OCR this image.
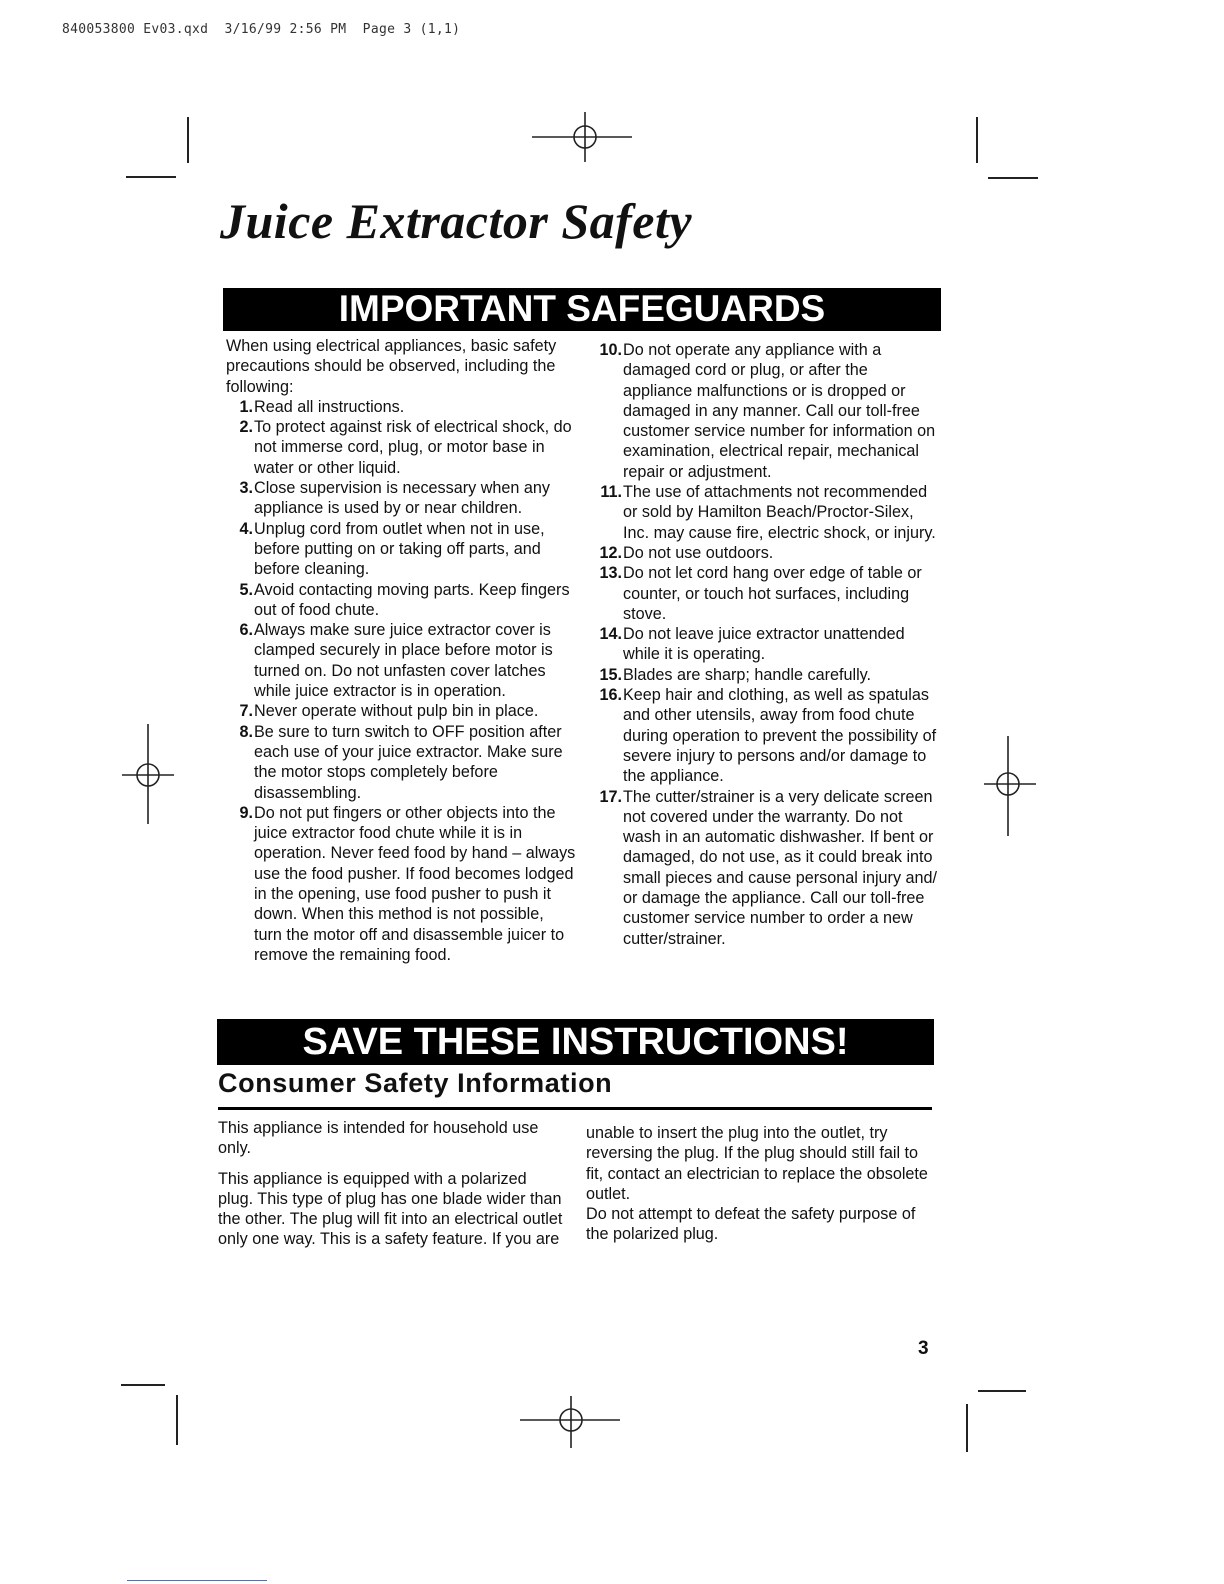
840053800 Ev03.qxd  3/16/99 2:56 PM  Page 3 (1,1)
Juice Extractor Safety
IMPORTANT SAFEGUARDS

When using electrical appliances, basic safety precautions should be observed, including the following:

1. Read all instructions.
2. To protect against risk of electrical shock, do not immerse cord, plug, or motor base in water or other liquid.
3. Close supervision is necessary when any appliance is used by or near children.
4. Unplug cord from outlet when not in use, before putting on or taking off parts, and before cleaning.
5. Avoid contacting moving parts. Keep fingers out of food chute.
6. Always make sure juice extractor cover is clamped securely in place before motor is turned on. Do not unfasten cover latches while juice extractor is in operation.
7. Never operate without pulp bin in place.
8. Be sure to turn switch to OFF position after each use of your juice extractor. Make sure the motor stops completely before disassembling.
9. Do not put fingers or other objects into the juice extractor food chute while it is in operation. Never feed food by hand – always use the food pusher. If food becomes lodged in the opening, use food pusher to push it down. When this method is not possible, turn the motor off and disassemble juicer to remove the remaining food.
10. Do not operate any appliance with a damaged cord or plug, or after the appliance malfunctions or is dropped or damaged in any manner. Call our toll-free customer service number for information on examination, electrical repair, mechanical repair or adjustment.
11. The use of attachments not recommended or sold by Hamilton Beach/Proctor-Silex, Inc. may cause fire, electric shock, or injury.
12. Do not use outdoors.
13. Do not let cord hang over edge of table or counter, or touch hot surfaces, including stove.
14. Do not leave juice extractor unattended while it is operating.
15. Blades are sharp; handle carefully.
16. Keep hair and clothing, as well as spatulas and other utensils, away from food chute during operation to prevent the possibility of severe injury to persons and/or damage to the appliance.
17. The cutter/strainer is a very delicate screen not covered under the warranty. Do not wash in an automatic dishwasher. If bent or damaged, do not use, as it could break into small pieces and cause personal injury and/ or damage the appliance. Call our toll-free customer service number to order a new cutter/strainer.
SAVE THESE INSTRUCTIONS!
Consumer Safety Information

This appliance is intended for household use only.

This appliance is equipped with a polarized plug. This type of plug has one blade wider than the other. The plug will fit into an electrical outlet only one way. This is a safety feature. If you are

unable to insert the plug into the outlet, try reversing the plug. If the plug should still fail to fit, contact an electrician to replace the obsolete outlet.

Do not attempt to defeat the safety purpose of the polarized plug.

3
